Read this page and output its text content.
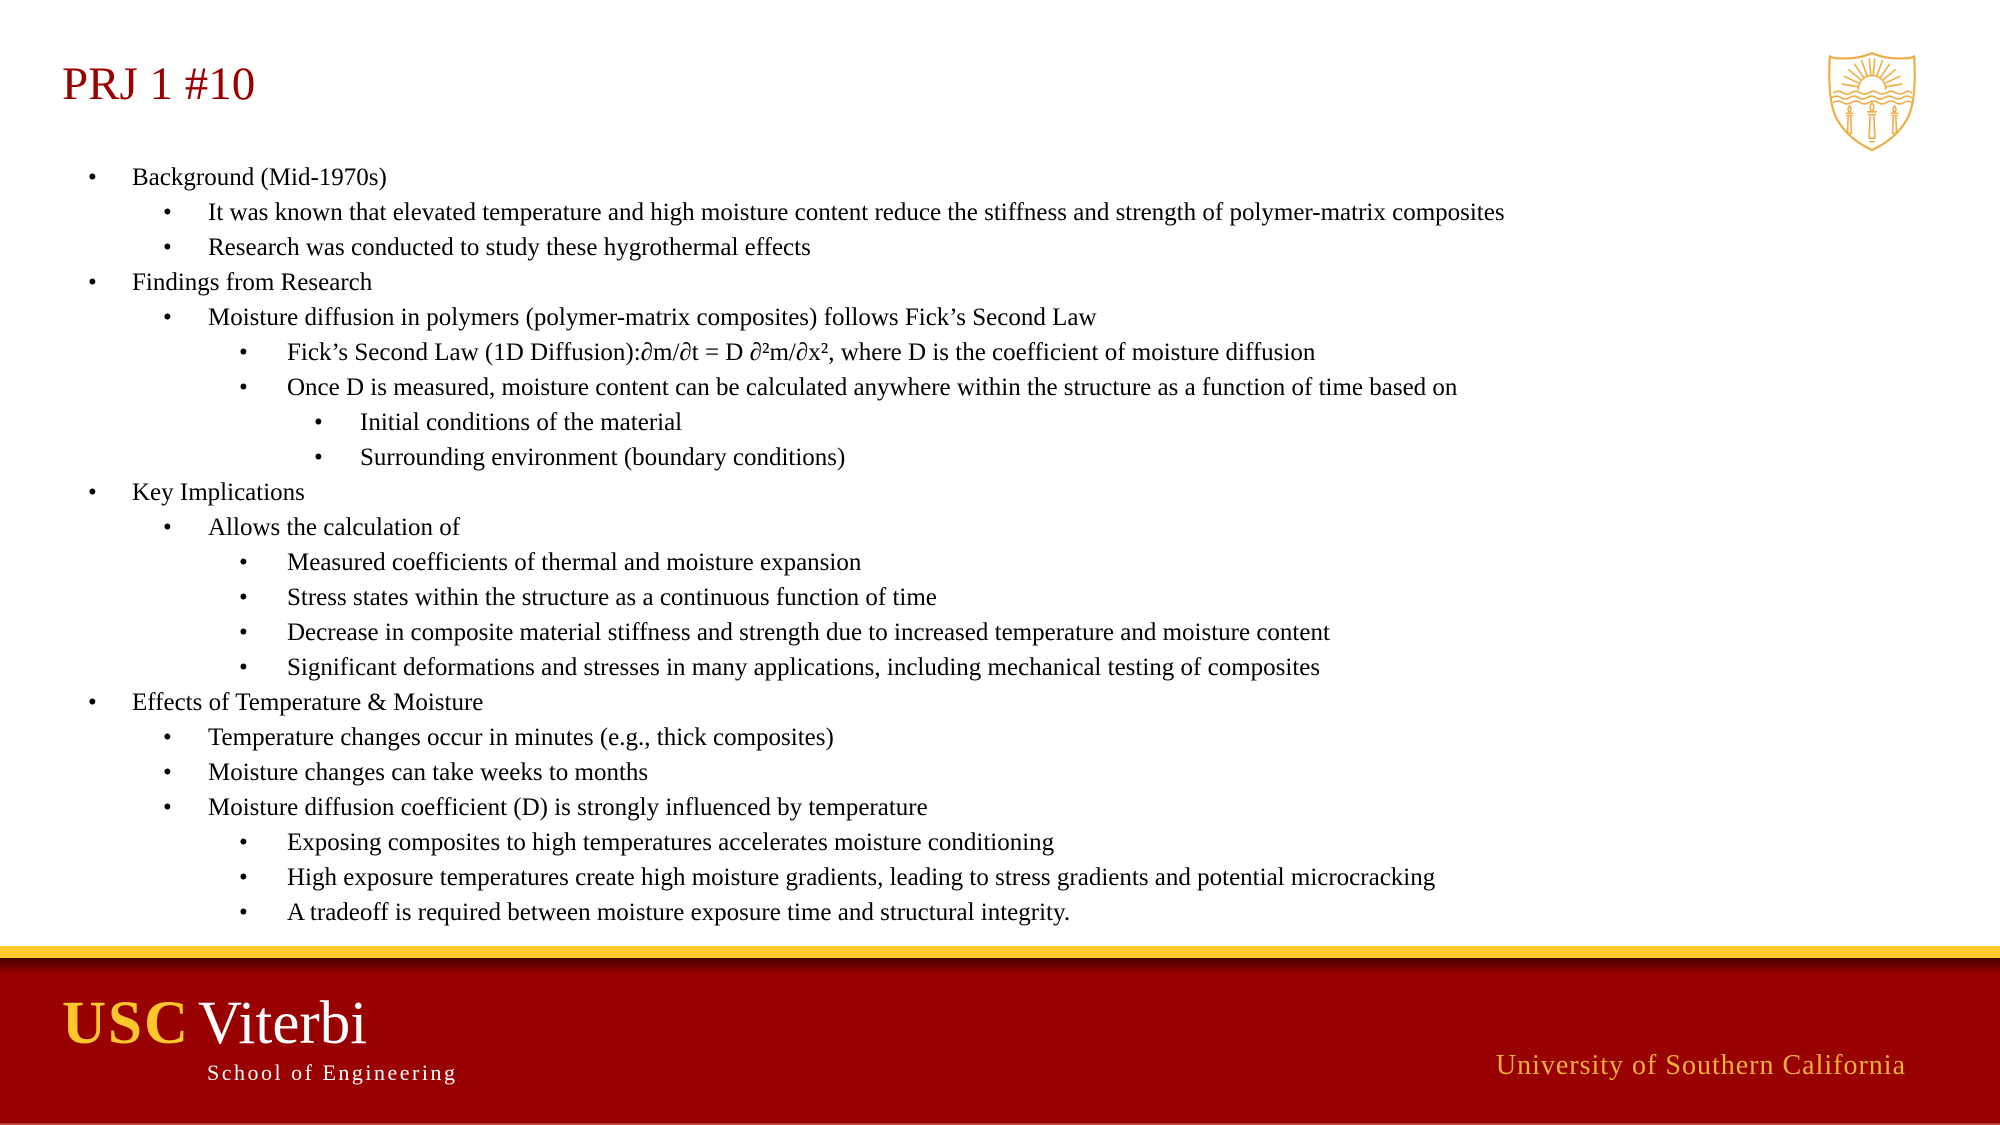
PRJ 1 #10
• Background (Mid-1970s)
• It was known that elevated temperature and high moisture content reduce the stiffness and strength of polymer-matrix composites
• Research was conducted to study these hygrothermal effects
• Findings from Research
• Moisture diffusion in polymers (polymer-matrix composites) follows Fick’s Second Law
• Fick’s Second Law (1D Diffusion):∂m/∂t = D ∂²m/∂x², where D is the coefficient of moisture diffusion
• Once D is measured, moisture content can be calculated anywhere within the structure as a function of time based on
• Initial conditions of the material
• Surrounding environment (boundary conditions)
• Key Implications
• Allows the calculation of
• Measured coefficients of thermal and moisture expansion
• Stress states within the structure as a continuous function of time
• Decrease in composite material stiffness and strength due to increased temperature and moisture content
• Significant deformations and stresses in many applications, including mechanical testing of composites
• Effects of Temperature & Moisture
• Temperature changes occur in minutes (e.g., thick composites)
• Moisture changes can take weeks to months
• Moisture diffusion coefficient (D) is strongly influenced by temperature
• Exposing composites to high temperatures accelerates moisture conditioning
• High exposure temperatures create high moisture gradients, leading to stress gradients and potential microcracking
• A tradeoff is required between moisture exposure time and structural integrity.
USC Viterbi
School of Engineering	University of Southern California
